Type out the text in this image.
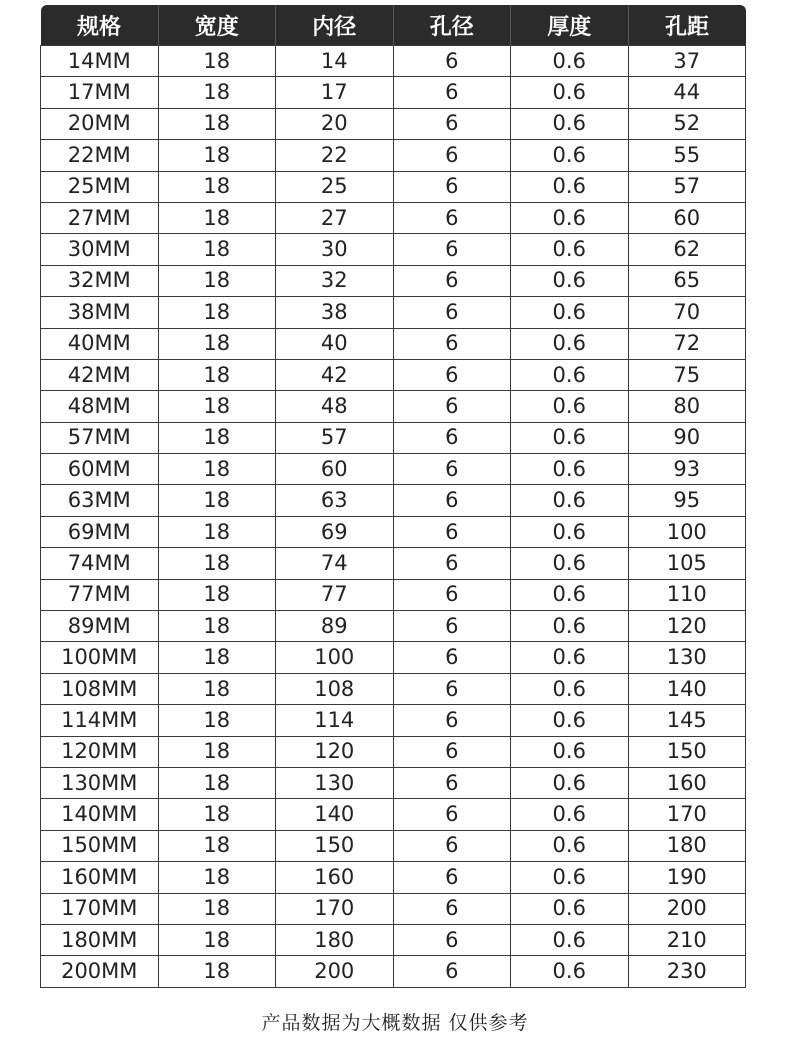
规格	宽度	内径	孔径	厚度	孔距
14MM	18	14	6	0.6	37
17MM	18	17	6	0.6	44
20MM	18	20	6	0.6	52
22MM	18	22	6	0.6	55
25MM	18	25	6	0.6	57
27MM	18	27	6	0.6	60
30MM	18	30	6	0.6	62
32MM	18	32	6	0.6	65
38MM	18	38	6	0.6	70
40MM	18	40	6	0.6	72
42MM	18	42	6	0.6	75
48MM	18	48	6	0.6	80
57MM	18	57	6	0.6	90
60MM	18	60	6	0.6	93
63MM	18	63	6	0.6	95
69MM	18	69	6	0.6	100
74MM	18	74	6	0.6	105
77MM	18	77	6	0.6	110
89MM	18	89	6	0.6	120
100MM	18	100	6	0.6	130
108MM	18	108	6	0.6	140
114MM	18	114	6	0.6	145
120MM	18	120	6	0.6	150
130MM	18	130	6	0.6	160
140MM	18	140	6	0.6	170
150MM	18	150	6	0.6	180
160MM	18	160	6	0.6	190
170MM	18	170	6	0.6	200
180MM	18	180	6	0.6	210
200MM	18	200	6	0.6	230
产品数据为大概数据 仅供参考
